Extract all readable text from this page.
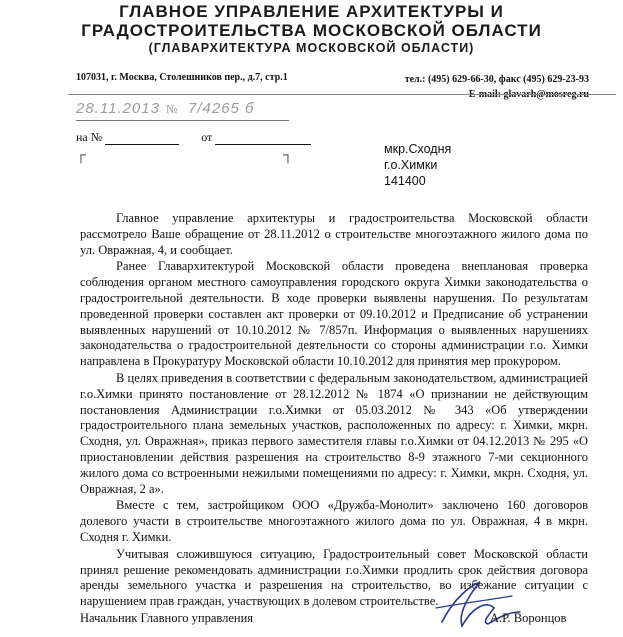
ГЛАВНОЕ УПРАВЛЕНИЕ АРХИТЕКТУРЫ И
ГРАДОСТРОИТЕЛЬСТВА МОСКОВСКОЙ ОБЛАСТИ
(ГЛАВАРХИТЕКТУРА МОСКОВСКОЙ ОБЛАСТИ)
107031, г. Москва, Столешников пер., д.7, стр.1	тел.: (495) 629-66-30, факс (495) 629-23-93
E-mail: glavarh@mosreg.ru
28.11.2013 № 7/4265 б
на №	от
┌	┐	мкр.Сходня
г.о.Химки
141400

Главное управление архитектуры и градостроительства Московской области рассмотрело Ваше обращение от 28.11.2012 о строительстве многоэтажного жилого дома по ул. Овражная, 4, и сообщает.

Ранее Главархитектурой Московской области проведена внеплановая проверка соблюдения органом местного самоуправления городского округа Химки законодательства о градостроительной деятельности. В ходе проверки выявлены нарушения. По результатам проведенной проверки составлен акт проверки от 09.10.2012 и Предписание об устранении выявленных нарушений от 10.10.2012 № 7/857п. Информация о выявленных нарушениях законодательства о градостроительной деятельности со стороны администрации г.о. Химки направлена в Прокуратуру Московской области 10.10.2012 для принятия мер прокурором.

В целях приведения в соответствии с федеральным законодательством, администрацией г.о.Химки принято постановление от 28.12.2012 № 1874 «О признании не действующим постановления Администрации г.о.Химки от 05.03.2012 № 343 «Об утверждении градостроительного плана земельных участков, расположенных по адресу: г. Химки, мкрн. Сходня, ул. Овражная», приказ первого заместителя главы г.о.Химки от 04.12.2013 № 295 «О приостановлении действия разрешения на строительство 8-9 этажного 7-ми секционного жилого дома со встроенными нежилыми помещениями по адресу: г. Химки, мкрн. Сходня, ул. Овражная, 2 а».

Вместе с тем, застройщиком ООО «Дружба-Монолит» заключено 160 договоров долевого участи в строительстве многоэтажного жилого дома по ул. Овражная, 4 в мкрн. Сходня г. Химки.

Учитывая сложившуюся ситуацию, Градостроительный совет Московской области принял решение рекомендовать администрации г.о.Химки продлить срок действия договора аренды земельного участка и разрешения на строительство, во избежание ситуации с нарушением прав граждан, участвующих в долевом строительстве.

Начальник Главного управления	А.Р. Воронцов
